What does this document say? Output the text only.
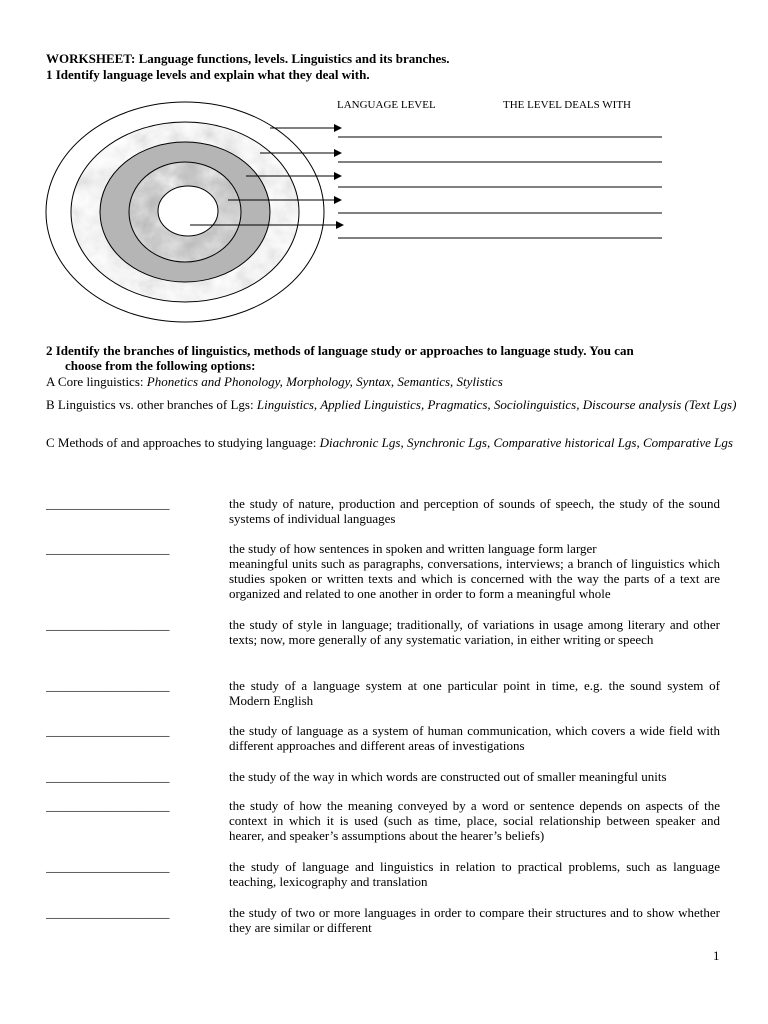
WORKSHEET: Language functions, levels. Linguistics and its branches.
1 Identify language levels and explain what they deal with.
LANGUAGE LEVEL	THE LEVEL DEALS WITH
2 Identify the branches of linguistics, methods of language study or approaches to language study. You can
choose from the following options:
A Core linguistics: Phonetics and Phonology, Morphology, Syntax, Semantics, Stylistics
B Linguistics vs. other branches of Lgs: Linguistics, Applied Linguistics, Pragmatics, Sociolinguistics, Discourse analysis (Text Lgs)
C Methods of and approaches to studying language: Diachronic Lgs, Synchronic Lgs, Comparative historical Lgs, Comparative Lgs
___________________	the study of nature, production and perception of sounds of speech, the study of the sound systems of individual languages
___________________	the study of how sentences in spoken and written language form larger
meaningful units such as paragraphs, conversations, interviews; a branch of linguistics which studies spoken or written texts and which is concerned with the way the parts of a text are organized and related to one another in order to form a meaningful whole
___________________	the study of style in language; traditionally, of variations in usage among literary and other texts; now, more generally of any systematic variation, in either writing or speech
___________________	the study of a language system at one particular point in time, e.g. the sound system of Modern English
___________________	the study of language as a system of human communication, which covers a wide field with different approaches and different areas of investigations
___________________	the study of the way in which words are constructed out of smaller meaningful units
___________________	the study of how the meaning conveyed by a word or sentence depends on aspects of the context in which it is used (such as time, place, social relationship between speaker and hearer, and speaker’s assumptions about the hearer’s beliefs)
___________________	the study of language and linguistics in relation to practical problems, such as language teaching, lexicography and translation
___________________	the study of two or more languages in order to compare their structures and to show whether they are similar or different
1
